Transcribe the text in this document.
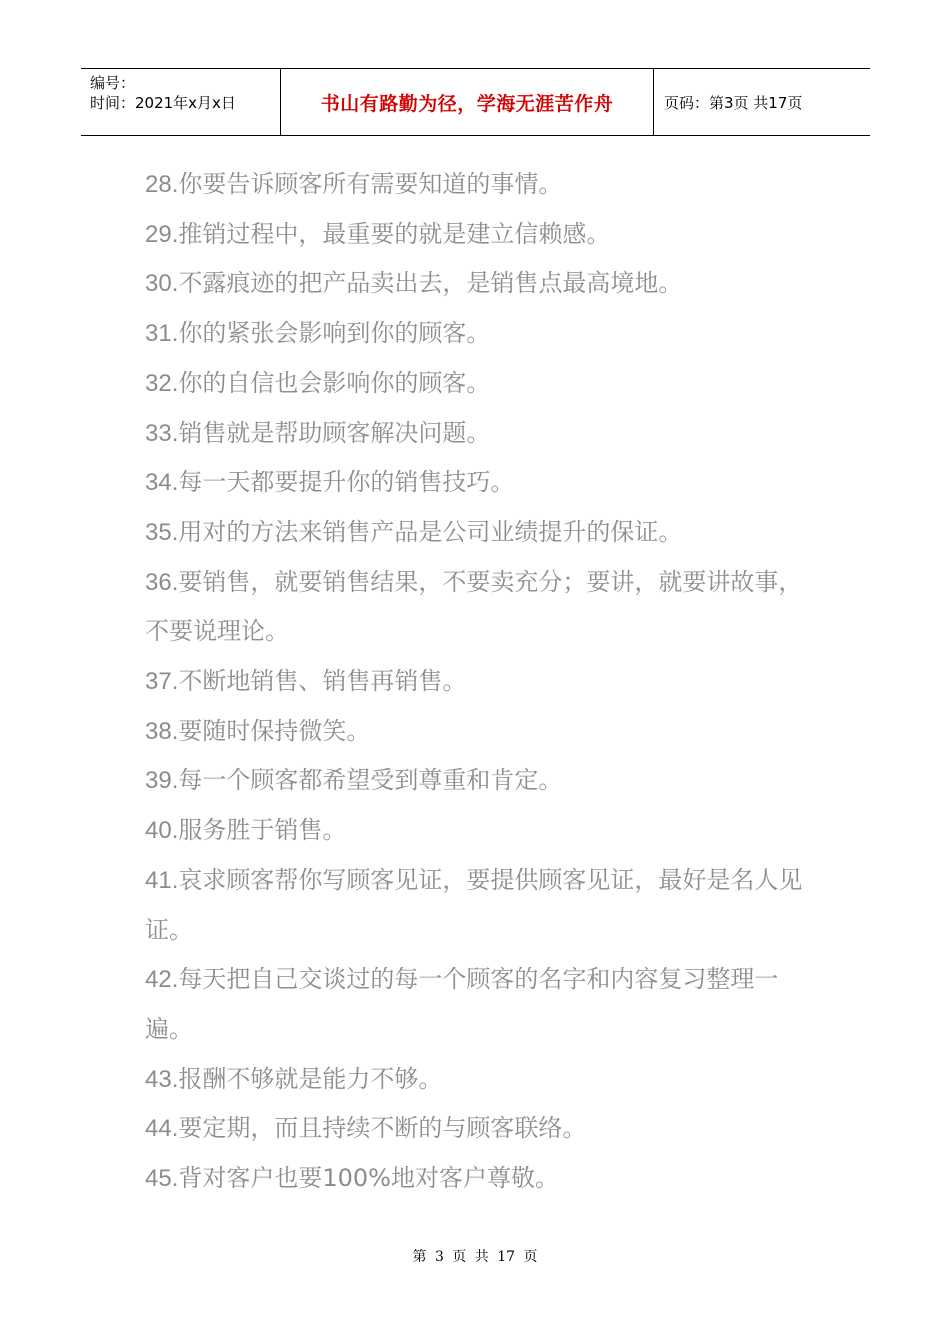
编号：
时间：2021年x月x日	书山有路勤为径，学海无涯苦作舟	页码：第3页 共17页

28.你要告诉顾客所有需要知道的事情。

29.推销过程中，最重要的就是建立信赖感。

30.不露痕迹的把产品卖出去，是销售点最高境地。

31.你的紧张会影响到你的顾客。

32.你的自信也会影响你的顾客。

33.销售就是帮助顾客解决问题。

34.每一天都要提升你的销售技巧。

35.用对的方法来销售产品是公司业绩提升的保证。

36.要销售，就要销售结果，不要卖充分；要讲，就要讲故事，不要说理论。

37.不断地销售、销售再销售。

38.要随时保持微笑。

39.每一个顾客都希望受到尊重和肯定。

40.服务胜于销售。

41.哀求顾客帮你写顾客见证，要提供顾客见证，最好是名人见证。

42.每天把自己交谈过的每一个顾客的名字和内容复习整理一遍。

43.报酬不够就是能力不够。

44.要定期，而且持续不断的与顾客联络。

45.背对客户也要100%地对客户尊敬。

第 3 页 共 17 页
